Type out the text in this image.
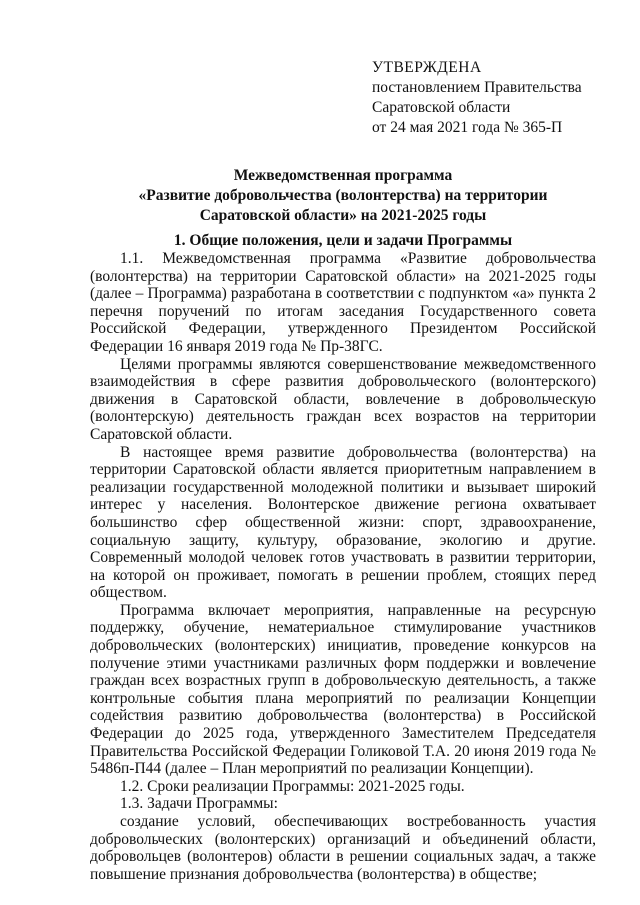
УТВЕРЖДЕНА
постановлением Правительства
Саратовской области
от 24 мая 2021 года № 365-П
Межведомственная программа
«Развитие добровольчества (волонтерства) на территории
Саратовской области» на 2021-2025 годы
1. Общие положения, цели и задачи Программы

1.1. Межведомственная программа «Развитие добровольчества (волонтерства) на территории Саратовской области» на 2021-2025 годы (далее – Программа) разработана в соответствии с подпунктом «а» пункта 2 перечня поручений по итогам заседания Государственного совета Российской Федерации, утвержденного Президентом Российской Федерации 16 января 2019 года № Пр-38ГС.

Целями программы являются совершенствование межведомственного взаимодействия в сфере развития добровольческого (волонтерского) движения в Саратовской области, вовлечение в добровольческую (волонтерскую) деятельность граждан всех возрастов на территории Саратовской области.

В настоящее время развитие добровольчества (волонтерства) на территории Саратовской области является приоритетным направлением в реализации государственной молодежной политики и вызывает широкий интерес у населения. Волонтерское движение региона охватывает большинство сфер общественной жизни: спорт, здравоохранение, социальную защиту, культуру, образование, экологию и другие. Современный молодой человек готов участвовать в развитии территории, на которой он проживает, помогать в решении проблем, стоящих перед обществом.

Программа включает мероприятия, направленные на ресурсную поддержку, обучение, нематериальное стимулирование участников добровольческих (волонтерских) инициатив, проведение конкурсов на получение этими участниками различных форм поддержки и вовлечение граждан всех возрастных групп в добровольческую деятельность, а также контрольные события плана мероприятий по реализации Концепции содействия развитию добровольчества (волонтерства) в Российской Федерации до 2025 года, утвержденного Заместителем Председателя Правительства Российской Федерации Голиковой Т.А. 20 июня 2019 года № 5486п-П44 (далее – План мероприятий по реализации Концепции).

1.2. Сроки реализации Программы: 2021-2025 годы.

1.3. Задачи Программы:

создание условий, обеспечивающих востребованность участия добровольческих (волонтерских) организаций и объединений области, добровольцев (волонтеров) области в решении социальных задач, а также повышение признания добровольчества (волонтерства) в обществе;
